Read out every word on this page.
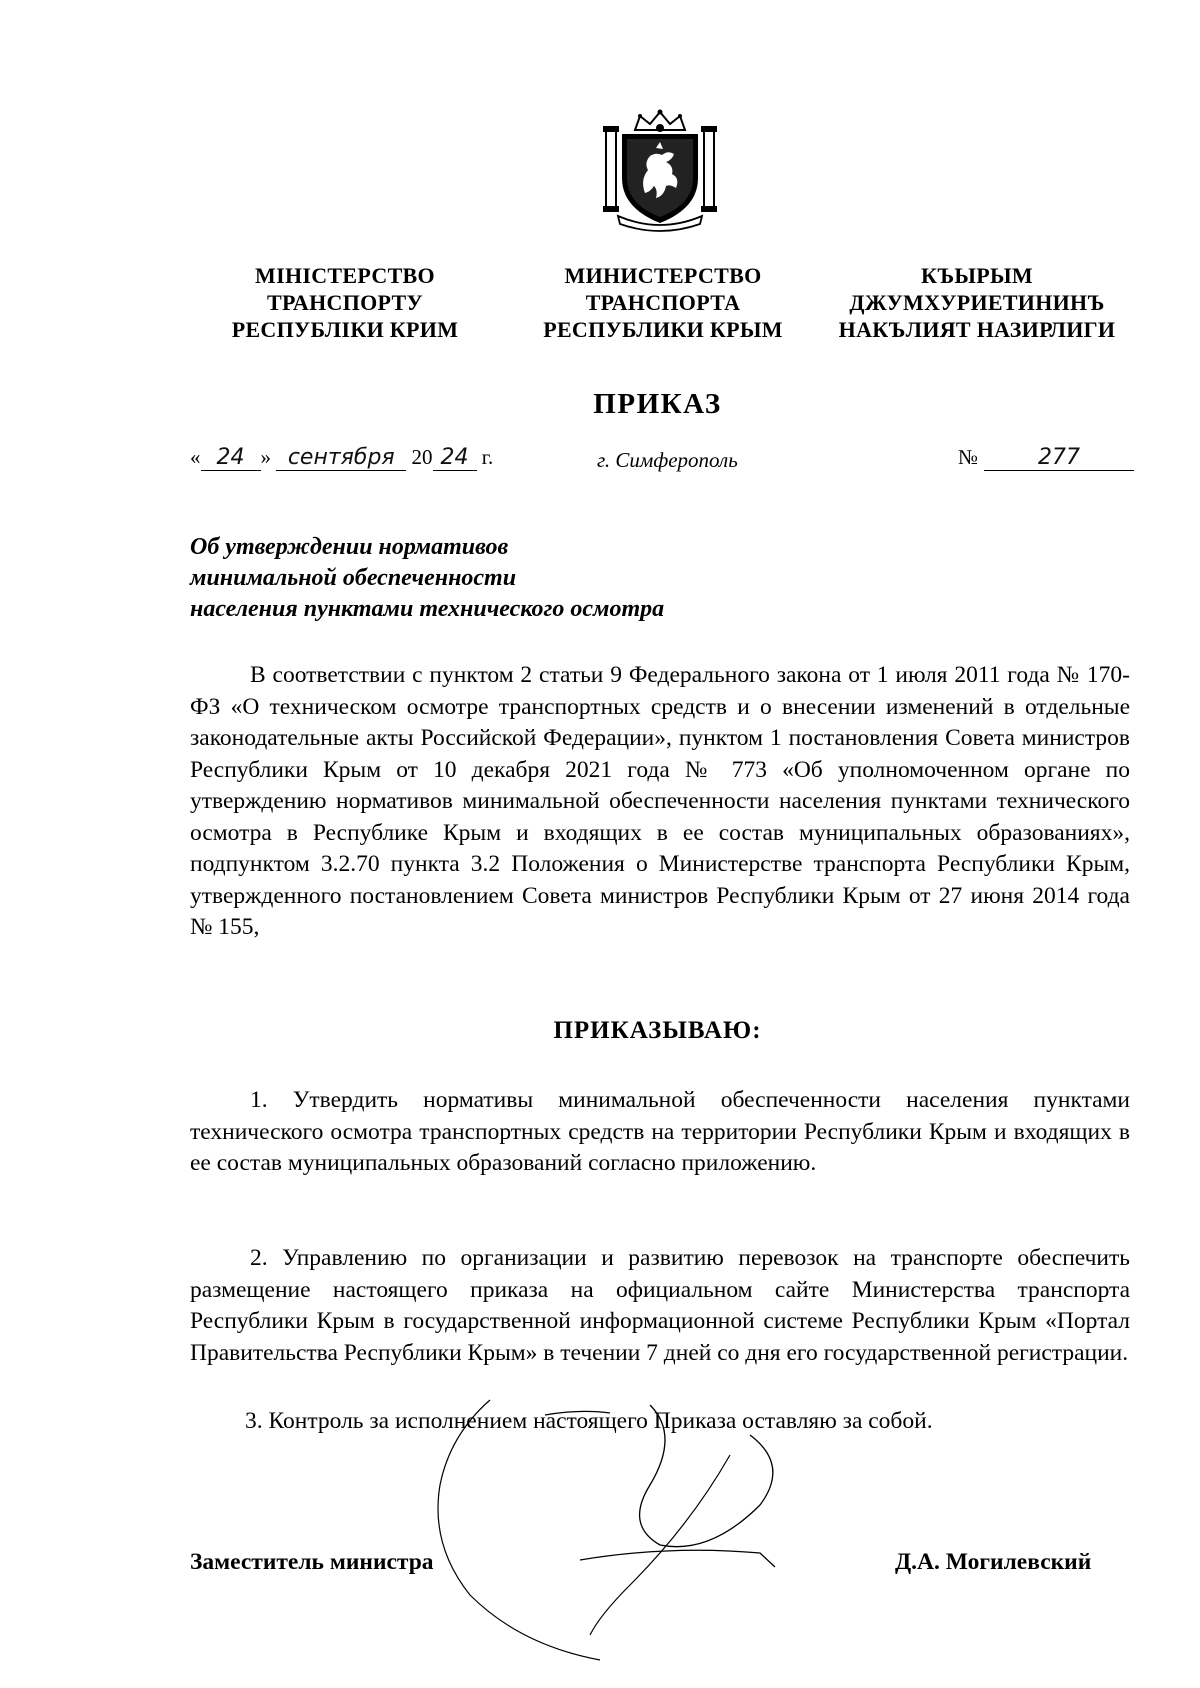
МІНІСТЕРСТВО
ТРАНСПОРТУ
РЕСПУБЛІКИ КРИМ
МИНИСТЕРСТВО
ТРАНСПОРТА
РЕСПУБЛИКИ КРЫМ
КЪЫРЫМ
ДЖУМХУРИЕТИНИНЪ
НАКЪЛИЯТ НАЗИРЛИГИ
ПРИКАЗ
« 24 » сентября 20 24 г.	г. Симферополь	№	277
Об утверждении нормативов
минимальной обеспеченности
населения пунктами технического осмотра
В соответствии с пунктом 2 статьи 9 Федерального закона от 1 июля 2011 года № 170-ФЗ «О техническом осмотре транспортных средств и о внесении изменений в отдельные законодательные акты Российской Федерации», пунктом 1 постановления Совета министров Республики Крым от 10 декабря 2021 года № 773 «Об уполномоченном органе по утверждению нормативов минимальной обеспеченности населения пунктами технического осмотра в Республике Крым и входящих в ее состав муниципальных образованиях», подпунктом 3.2.70 пункта 3.2 Положения о Министерстве транспорта Республики Крым, утвержденного постановлением Совета министров Республики Крым от 27 июня 2014 года № 155,
ПРИКАЗЫВАЮ:
1. Утвердить нормативы минимальной обеспеченности населения пунктами технического осмотра транспортных средств на территории Республики Крым и входящих в ее состав муниципальных образований согласно приложению.
2. Управлению по организации и развитию перевозок на транспорте обеспечить размещение настоящего приказа на официальном сайте Министерства транспорта Республики Крым в государственной информационной системе Республики Крым «Портал Правительства Республики Крым» в течении 7 дней со дня его государственной регистрации.
3. Контроль за исполнением настоящего Приказа оставляю за собой.
Заместитель министра	Д.А. Могилевский
